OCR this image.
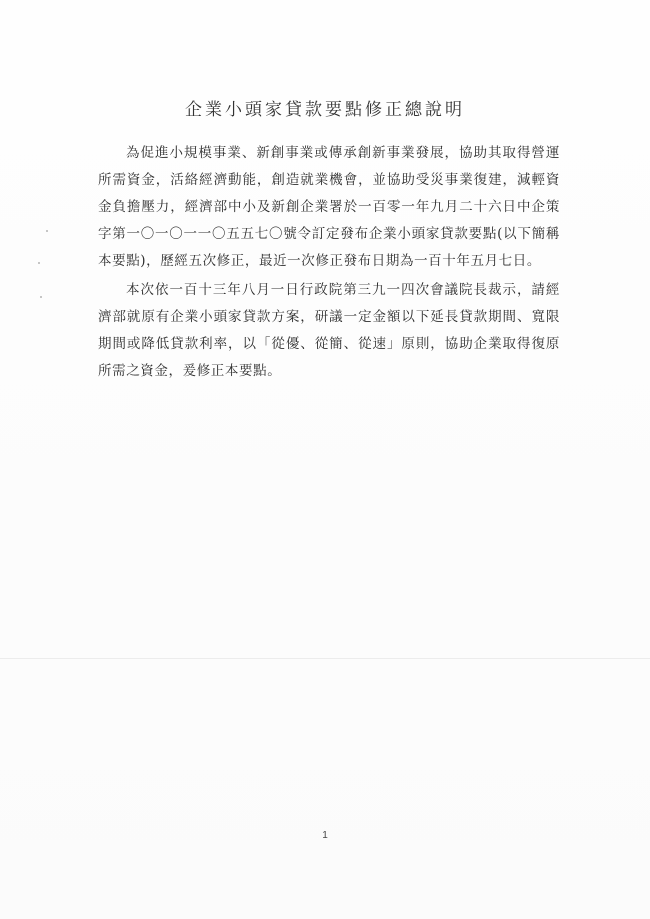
企業小頭家貸款要點修正總說明

為促進小規模事業、新創事業或傳承創新事業發展，協助其取得營運所需資金，活絡經濟動能，創造就業機會，並協助受災事業復建，減輕資金負擔壓力，經濟部中小及新創企業署於一百零一年九月二十六日中企策字第一〇一〇一一〇五五七〇號令訂定發布企業小頭家貸款要點(以下簡稱本要點)，歷經五次修正，最近一次修正發布日期為一百十年五月七日。

本次依一百十三年八月一日行政院第三九一四次會議院長裁示，請經濟部就原有企業小頭家貸款方案，研議一定金額以下延長貸款期間、寬限期間或降低貸款利率，以「從優、從簡、從速」原則，協助企業取得復原所需之資金，爰修正本要點。

1
